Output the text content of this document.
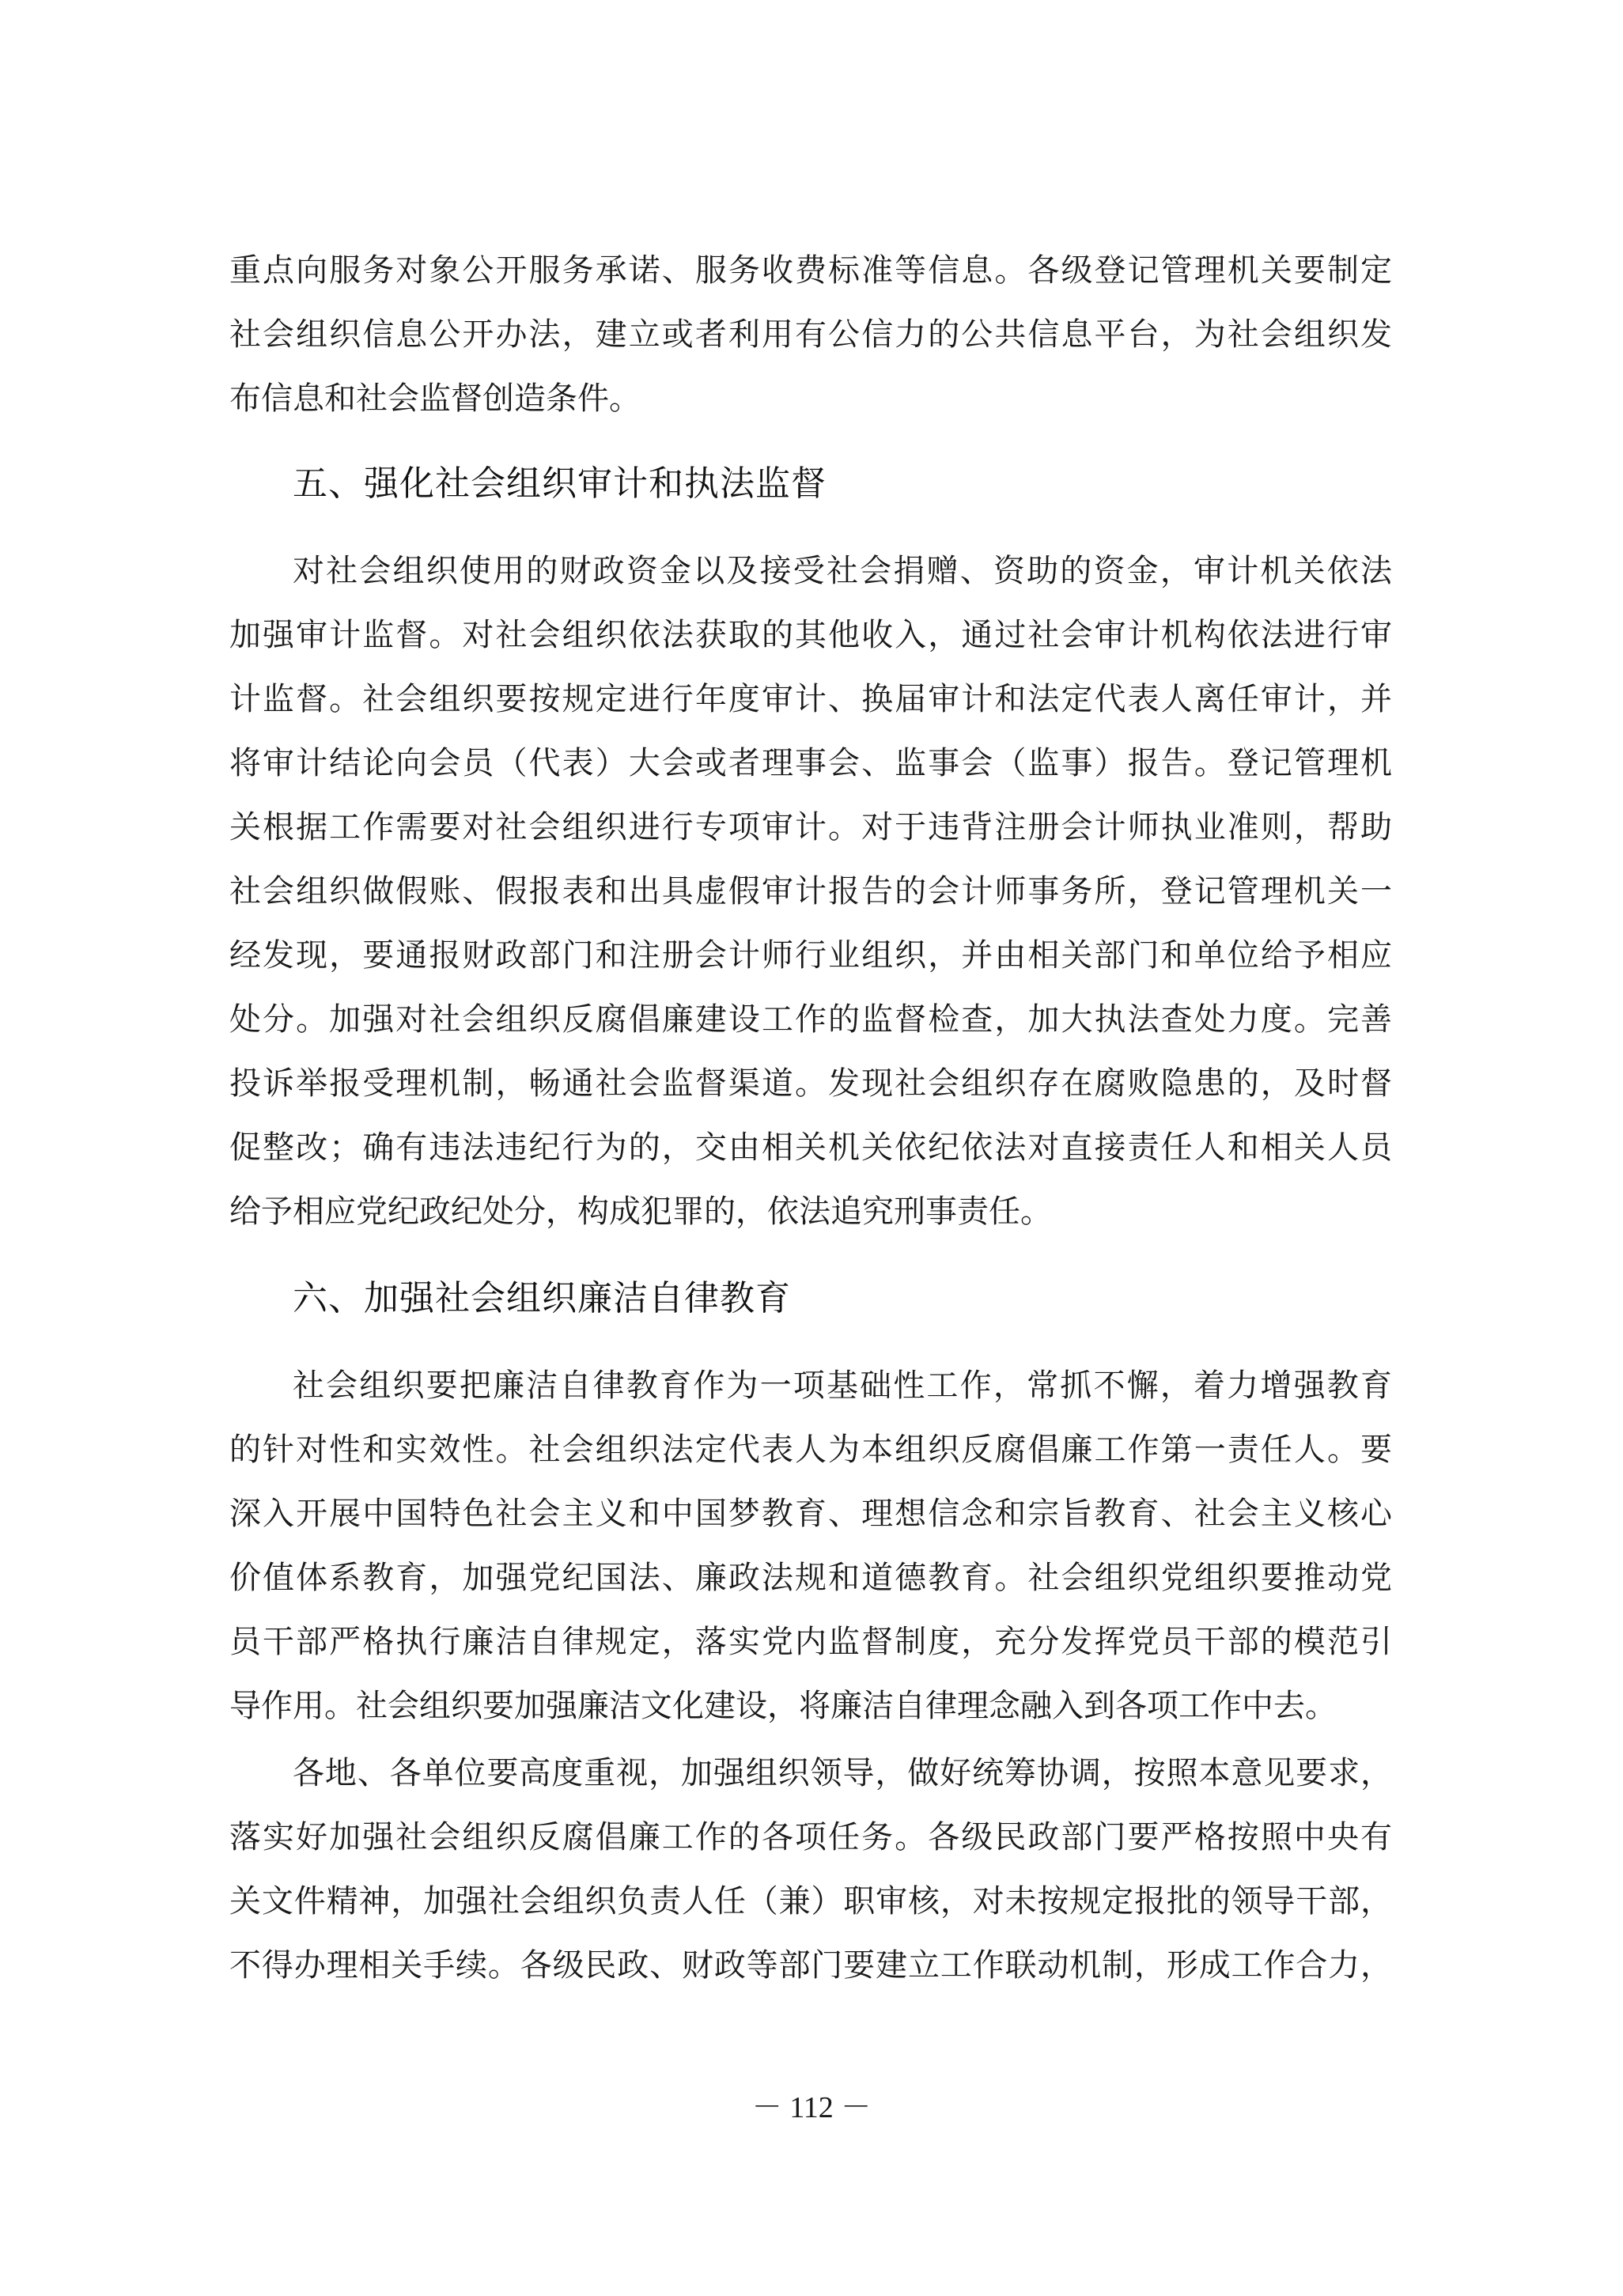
重点向服务对象公开服务承诺、服务收费标准等信息。各级登记管理机关要制定
社会组织信息公开办法，建立或者利用有公信力的公共信息平台，为社会组织发
布信息和社会监督创造条件。
五、强化社会组织审计和执法监督
对社会组织使用的财政资金以及接受社会捐赠、资助的资金，审计机关依法
加强审计监督。对社会组织依法获取的其他收入，通过社会审计机构依法进行审
计监督。社会组织要按规定进行年度审计、换届审计和法定代表人离任审计，并
将审计结论向会员（代表）大会或者理事会、监事会（监事）报告。登记管理机
关根据工作需要对社会组织进行专项审计。对于违背注册会计师执业准则，帮助
社会组织做假账、假报表和出具虚假审计报告的会计师事务所，登记管理机关一
经发现，要通报财政部门和注册会计师行业组织，并由相关部门和单位给予相应
处分。加强对社会组织反腐倡廉建设工作的监督检查，加大执法查处力度。完善
投诉举报受理机制，畅通社会监督渠道。发现社会组织存在腐败隐患的，及时督
促整改；确有违法违纪行为的，交由相关机关依纪依法对直接责任人和相关人员
给予相应党纪政纪处分，构成犯罪的，依法追究刑事责任。
六、加强社会组织廉洁自律教育
社会组织要把廉洁自律教育作为一项基础性工作，常抓不懈，着力增强教育
的针对性和实效性。社会组织法定代表人为本组织反腐倡廉工作第一责任人。要
深入开展中国特色社会主义和中国梦教育、理想信念和宗旨教育、社会主义核心
价值体系教育，加强党纪国法、廉政法规和道德教育。社会组织党组织要推动党
员干部严格执行廉洁自律规定，落实党内监督制度，充分发挥党员干部的模范引
导作用。社会组织要加强廉洁文化建设，将廉洁自律理念融入到各项工作中去。
各地、各单位要高度重视，加强组织领导，做好统筹协调，按照本意见要求，
落实好加强社会组织反腐倡廉工作的各项任务。各级民政部门要严格按照中央有
关文件精神，加强社会组织负责人任（兼）职审核，对未按规定报批的领导干部，
不得办理相关手续。各级民政、财政等部门要建立工作联动机制，形成工作合力，
－ 112 －
